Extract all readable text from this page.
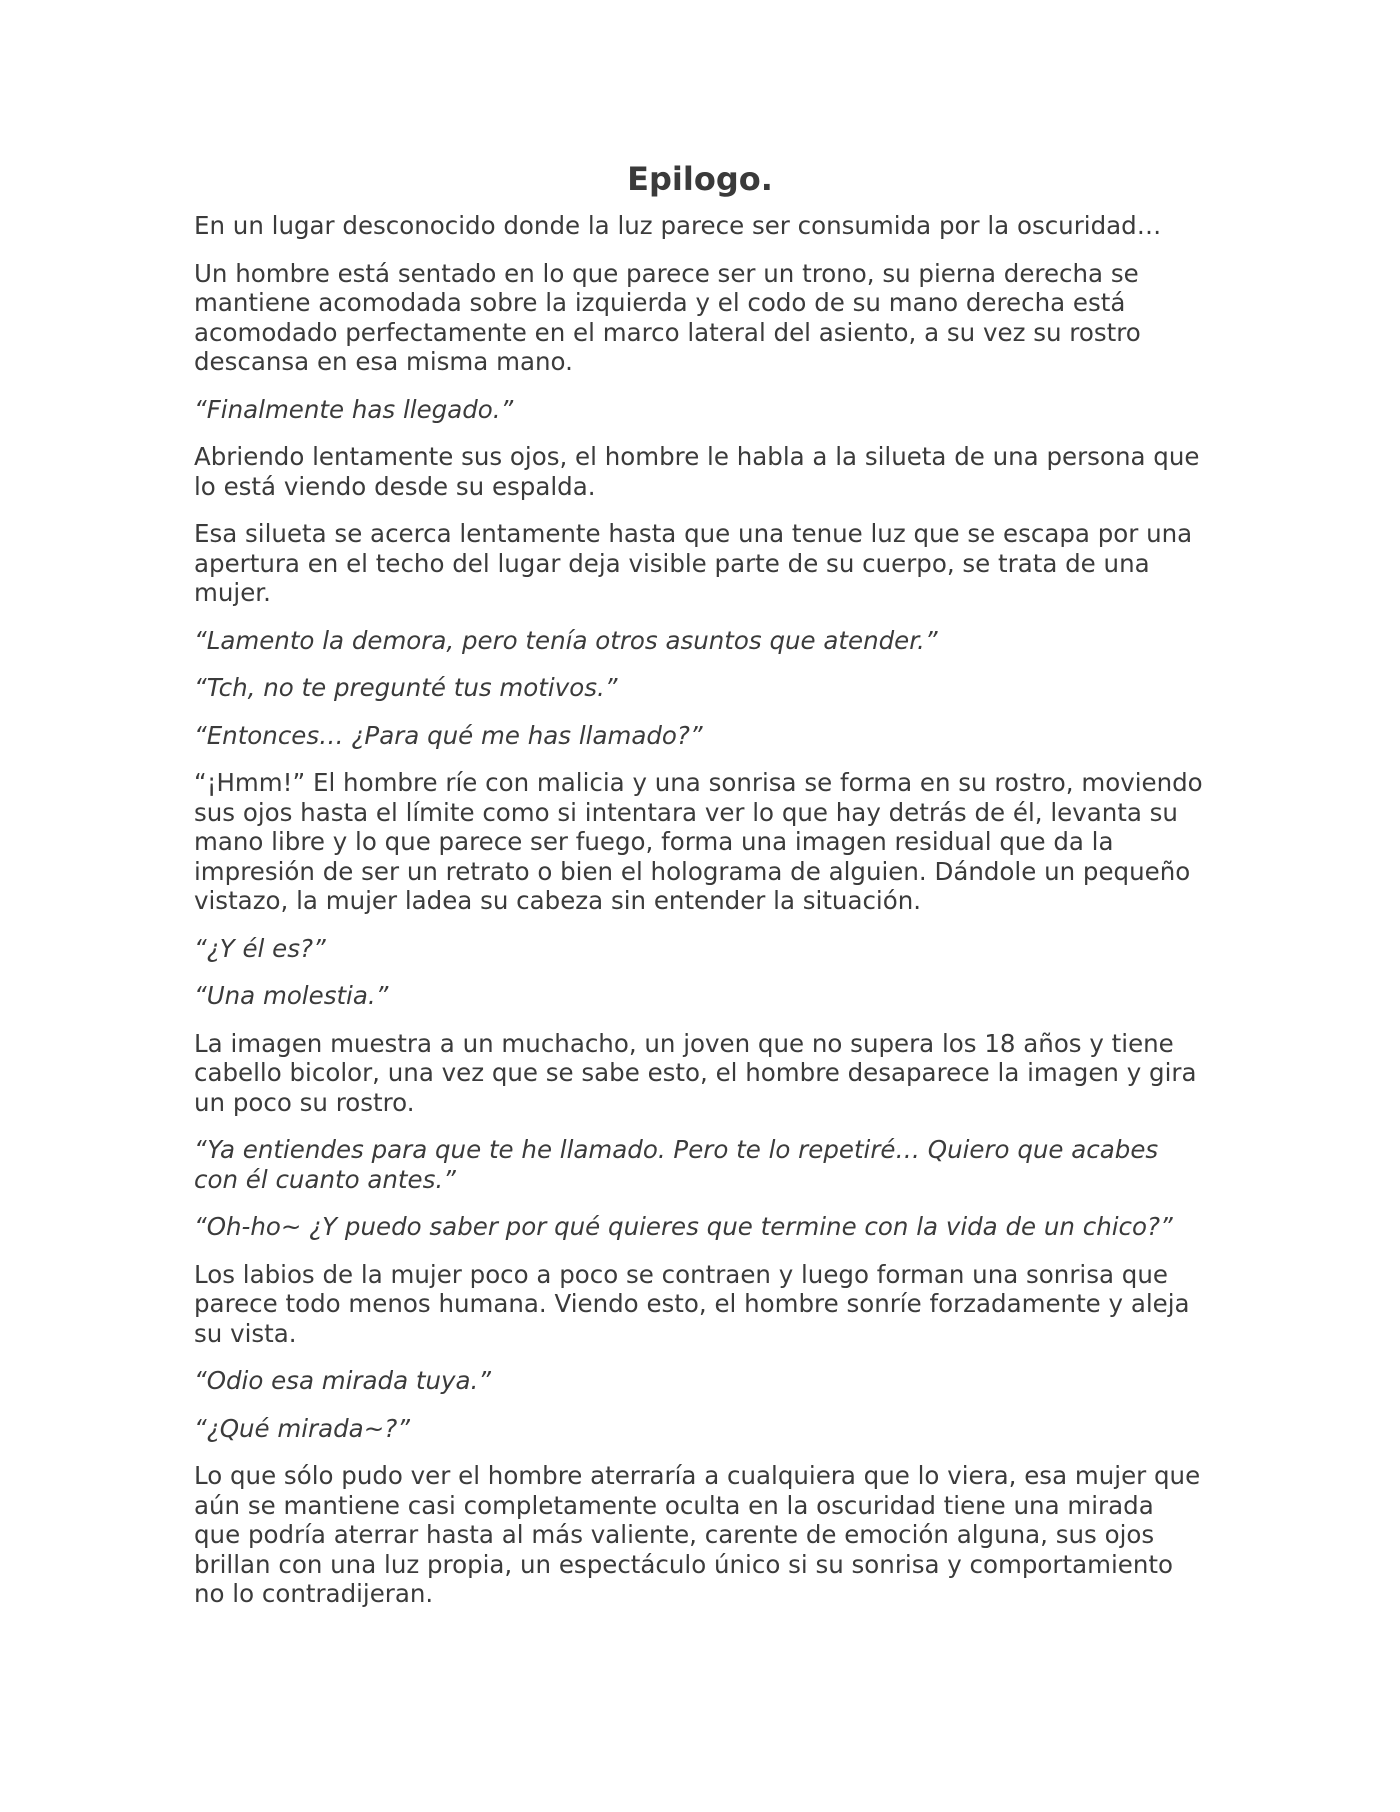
Epilogo.

En un lugar desconocido donde la luz parece ser consumida por la oscuridad…

Un hombre está sentado en lo que parece ser un trono, su pierna derecha se mantiene acomodada sobre la izquierda y el codo de su mano derecha está acomodado perfectamente en el marco lateral del asiento, a su vez su rostro descansa en esa misma mano.

“Finalmente has llegado.”

Abriendo lentamente sus ojos, el hombre le habla a la silueta de una persona que lo está viendo desde su espalda.

Esa silueta se acerca lentamente hasta que una tenue luz que se escapa por una apertura en el techo del lugar deja visible parte de su cuerpo, se trata de una mujer.

“Lamento la demora, pero tenía otros asuntos que atender.”

“Tch, no te pregunté tus motivos.”

“Entonces… ¿Para qué me has llamado?”

“¡Hmm!” El hombre ríe con malicia y una sonrisa se forma en su rostro, moviendo sus ojos hasta el límite como si intentara ver lo que hay detrás de él, levanta su mano libre y lo que parece ser fuego, forma una imagen residual que da la impresión de ser un retrato o bien el holograma de alguien. Dándole un pequeño vistazo, la mujer ladea su cabeza sin entender la situación.

“¿Y él es?”

“Una molestia.”

La imagen muestra a un muchacho, un joven que no supera los 18 años y tiene cabello bicolor, una vez que se sabe esto, el hombre desaparece la imagen y gira un poco su rostro.

“Ya entiendes para que te he llamado. Pero te lo repetiré… Quiero que acabes con él cuanto antes.”

“Oh-ho~ ¿Y puedo saber por qué quieres que termine con la vida de un chico?”

Los labios de la mujer poco a poco se contraen y luego forman una sonrisa que parece todo menos humana. Viendo esto, el hombre sonríe forzadamente y aleja su vista.

“Odio esa mirada tuya.”

“¿Qué mirada~?”

Lo que sólo pudo ver el hombre aterraría a cualquiera que lo viera, esa mujer que aún se mantiene casi completamente oculta en la oscuridad tiene una mirada que podría aterrar hasta al más valiente, carente de emoción alguna, sus ojos brillan con una luz propia, un espectáculo único si su sonrisa y comportamiento no lo contradijeran.
